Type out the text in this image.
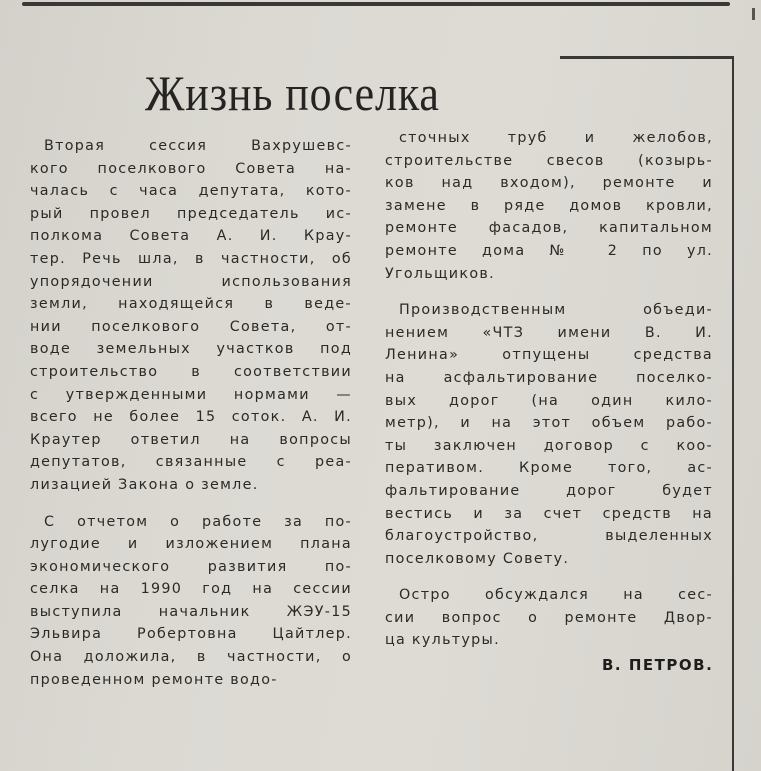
Жизнь поселка
Вторая сессия Вахрушевс-
кого поселкового Совета на-
чалась с часа депутата, кото-
рый провел председатель ис-
полкома Совета А. И. Крау-
тер. Речь шла, в частности, об
упорядочении использования
земли, находящейся в веде-
нии поселкового Совета, от-
воде земельных участков под
строительство в соответствии
с утвержденными нормами —
всего не более 15 соток. А. И.
Краутер ответил на вопросы
депутатов, связанные с реа-
лизацией Закона о земле.
С отчетом о работе за по-
лугодие и изложением плана
экономического развития по-
селка на 1990 год на сессии
выступила начальник ЖЭУ-15
Эльвира Робертовна Цайтлер.
Она доложила, в частности, о
проведенном ремонте водо-
сточных труб и желобов,
строительстве свесов (козырь-
ков над входом), ремонте и
замене в ряде домов кровли,
ремонте фасадов, капитальном
ремонте дома № 2 по ул.
Угольщиков.
Производственным объеди-
нением «ЧТЗ имени В. И.
Ленина» отпущены средства
на асфальтирование поселко-
вых дорог (на один кило-
метр), и на этот объем рабо-
ты заключен договор с коо-
перативом. Кроме того, ас-
фальтирование дорог будет
вестись и за счет средств на
благоустройство, выделенных
поселковому Совету.
Остро обсуждался на сес-
сии вопрос о ремонте Двор-
ца культуры.
В. ПЕТРОВ.
